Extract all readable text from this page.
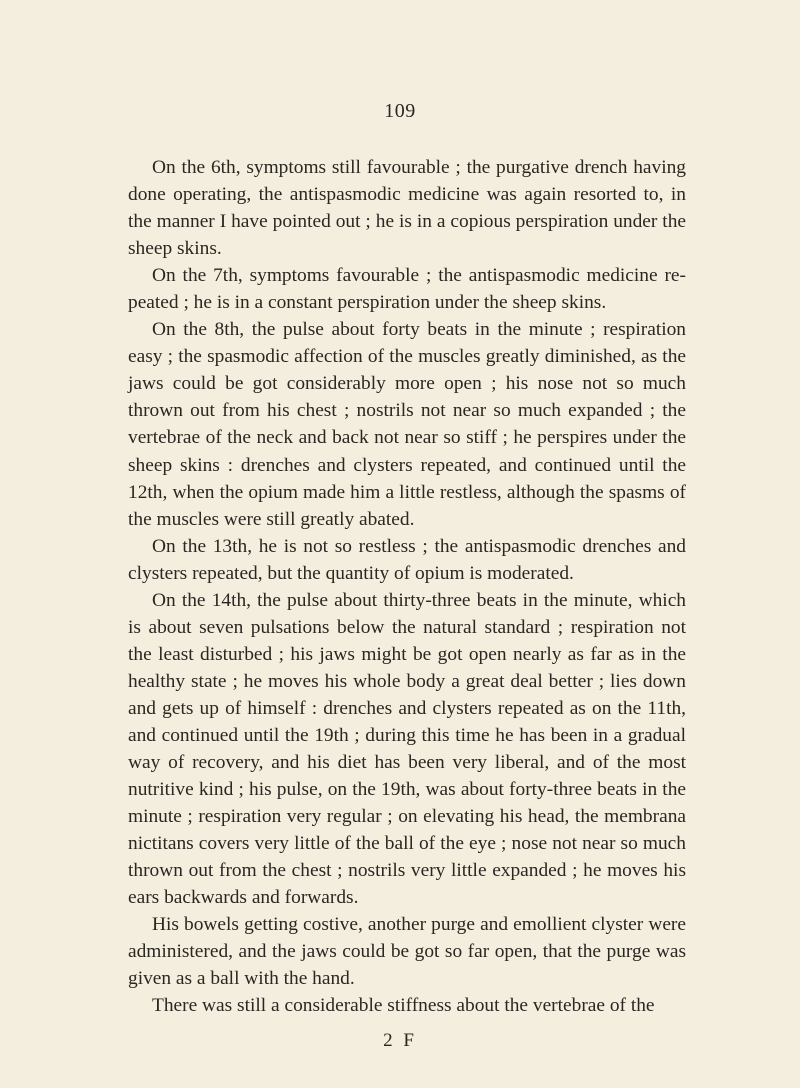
109

On the 6th, symptoms still favourable ; the purgative drench having done operating, the antispasmodic medicine was again resorted to, in the manner I have pointed out ; he is in a copious perspiration under the sheep skins.

On the 7th, symptoms favourable ; the antispasmodic medicine repeated ; he is in a constant perspiration under the sheep skins.

On the 8th, the pulse about forty beats in the minute ; respiration easy ; the spasmodic affection of the muscles greatly diminished, as the jaws could be got considerably more open ; his nose not so much thrown out from his chest ; nostrils not near so much expanded ; the vertebrae of the neck and back not near so stiff ; he perspires under the sheep skins : drenches and clysters repeated, and continued until the 12th, when the opium made him a little restless, although the spasms of the muscles were still greatly abated.

On the 13th, he is not so restless ; the antispasmodic drenches and clysters repeated, but the quantity of opium is moderated.

On the 14th, the pulse about thirty-three beats in the minute, which is about seven pulsations below the natural standard ; respiration not the least disturbed ; his jaws might be got open nearly as far as in the healthy state ; he moves his whole body a great deal better ; lies down and gets up of himself : drenches and clysters repeated as on the 11th, and continued until the 19th ; during this time he has been in a gradual way of recovery, and his diet has been very liberal, and of the most nutritive kind ; his pulse, on the 19th, was about forty-three beats in the minute ; respiration very regular ; on elevating his head, the membrana nictitans covers very little of the ball of the eye ; nose not near so much thrown out from the chest ; nostrils very little expanded ; he moves his ears backwards and forwards.

His bowels getting costive, another purge and emollient clyster were administered, and the jaws could be got so far open, that the purge was given as a ball with the hand.

There was still a considerable stiffness about the vertebrae of the

2 F
